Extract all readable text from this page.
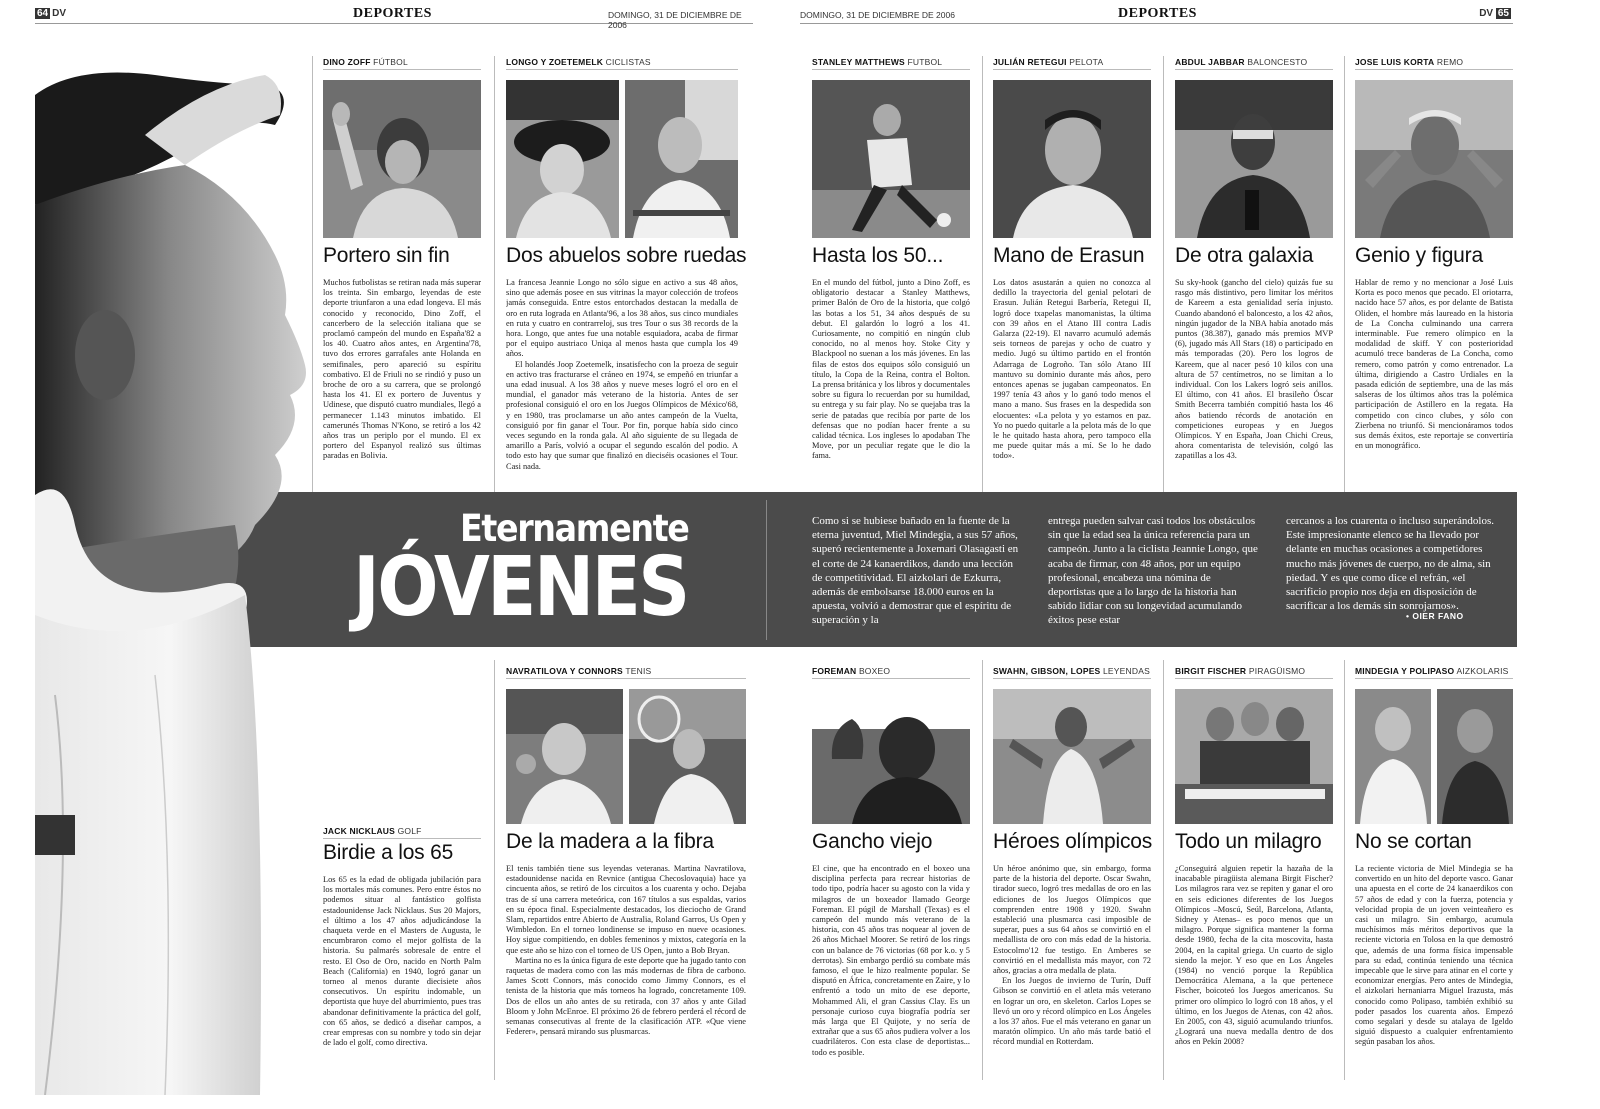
64 DV	DEPORTES	DOMINGO, 31 DE DICIEMBRE DE 2006
DOMINGO, 31 DE DICIEMBRE DE 2006	DEPORTES	DV 65
Eternamente
JÓVENES
Como si se hubiese bañado en la fuente de la eterna juventud, Miel Mindegia, a sus 57 años, superó recientemente a Joxemari Olasagasti en el corte de 24 kanaerdikos, dando una lección de competitividad. El aizkolari de Ezkurra, además de embolsarse 18.000 euros en la apuesta, volvió a demostrar que el espíritu de superación y la
entrega pueden salvar casi todos los obstáculos sin que la edad sea la única referencia para un campeón. Junto a la ciclista Jeannie Longo, que acaba de firmar, con 48 años, por un equipo profesional, encabeza una nómina de deportistas que a lo largo de la historia han sabido lidiar con su longevidad acumulando éxitos pese estar
cercanos a los cuarenta o incluso superándolos. Este impresionante elenco se ha llevado por delante en muchas ocasiones a competidores mucho más jóvenes de cuerpo, no de alma, sin piedad. Y es que como dice el refrán, «el sacrificio propio nos deja en disposición de sacrificar a los demás sin sonrojarnos».
• OIER FANO
DINO ZOFF FÚTBOL
Portero sin fin

Muchos futbolistas se retiran nada más superar los treinta. Sin embargo, leyendas de este deporte triunfaron a una edad longeva. El más conocido y reconocido, Dino Zoff, el cancerbero de la selección italiana que se proclamó campeón del mundo en España'82 a los 40. Cuatro años antes, en Argentina'78, tuvo dos errores garrafales ante Holanda en semifinales, pero apareció su espíritu combativo. El de Friuli no se rindió y puso un broche de oro a su carrera, que se prolongó hasta los 41. El ex portero de Juventus y Udinese, que disputó cuatro mundiales, llegó a permanecer 1.143 minutos imbatido. El camerunés Thomas N'Kono, se retiró a los 42 años tras un periplo por el mundo. El ex portero del Espanyol realizó sus últimas paradas en Bolivia.

LONGO Y ZOETEMELK CICLISTAS
Dos abuelos sobre ruedas

La francesa Jeannie Longo no sólo sigue en activo a sus 48 años, sino que además posee en sus vitrinas la mayor colección de trofeos jamás conseguida. Entre estos entorchados destacan la medalla de oro en ruta lograda en Atlanta'96, a los 38 años, sus cinco mundiales en ruta y cuatro en contrarreloj, sus tres Tour o sus 38 records de la hora. Longo, que antes fue una notable esquiadora, acaba de firmar por el equipo austriaco Uniqa al menos hasta que cumpla los 49 años.

El holandés Joop Zoetemelk, insatisfecho con la proeza de seguir en activo tras fracturarse el cráneo en 1974, se empeñó en triunfar a una edad inusual. A los 38 años y nueve meses logró el oro en el mundial, el ganador más veterano de la historia. Antes de ser profesional consiguió el oro en los Juegos Olímpicos de México'68, y en 1980, tras proclamarse un año antes campeón de la Vuelta, consiguió por fin ganar el Tour. Por fin, porque había sido cinco veces segundo en la ronda gala. Al año siguiente de su llegada de amarillo a París, volvió a ocupar el segundo escalón del podio. A todo esto hay que sumar que finalizó en dieciséis ocasiones el Tour. Casi nada.

STANLEY MATTHEWS FUTBOL
Hasta los 50...

En el mundo del fútbol, junto a Dino Zoff, es obligatorio destacar a Stanley Matthews, primer Balón de Oro de la historia, que colgó las botas a los 51, 34 años después de su debut. El galardón lo logró a los 41. Curiosamente, no compitió en ningún club conocido, no al menos hoy. Stoke City y Blackpool no suenan a los más jóvenes. En las filas de estos dos equipos sólo consiguió un título, la Copa de la Reina, contra el Bolton. La prensa británica y los libros y documentales sobre su figura lo recuerdan por su humildad, su entrega y su fair play. No se quejaba tras la serie de patadas que recibía por parte de los defensas que no podían hacer frente a su calidad técnica. Los ingleses lo apodaban The Move, por un peculiar regate que le dio la fama.

JULIÁN RETEGUI PELOTA
Mano de Erasun

Los datos asustarán a quien no conozca al dedillo la trayectoria del genial pelotari de Erasun. Julián Retegui Barbería, Retegui II, logró doce txapelas manomanistas, la última con 39 años en el Atano III contra Ladis Galarza (22-19). El navarro acumuló además seis torneos de parejas y ocho de cuatro y medio. Jugó su último partido en el frontón Adarraga de Logroño. Tan sólo Atano III mantuvo su dominio durante más años, pero entonces apenas se jugaban campeonatos. En 1997 tenía 43 años y lo ganó todo menos el mano a mano. Sus frases en la despedida son elocuentes: «La pelota y yo estamos en paz. Yo no puedo quitarle a la pelota más de lo que le he quitado hasta ahora, pero tampoco ella me puede quitar más a mí. Se lo he dado todo».

ABDUL JABBAR BALONCESTO
De otra galaxia

Su sky-hook (gancho del cielo) quizás fue su rasgo más distintivo, pero limitar los méritos de Kareem a esta genialidad sería injusto. Cuando abandonó el baloncesto, a los 42 años, ningún jugador de la NBA había anotado más puntos (38.387), ganado más premios MVP (6), jugado más All Stars (18) o participado en más temporadas (20). Pero los logros de Kareem, que al nacer pesó 10 kilos con una altura de 57 centímetros, no se limitan a lo individual. Con los Lakers logró seis anillos. El último, con 41 años. El brasileño Óscar Smith Becerra también compitió hasta los 46 años batiendo récords de anotación en competiciones europeas y en Juegos Olímpicos. Y en España, Joan Chichi Creus, ahora comentarista de televisión, colgó las zapatillas a los 43.

JOSE LUIS KORTA REMO
Genio y figura

Hablar de remo y no mencionar a José Luis Korta es poco menos que pecado. El oriotarra, nacido hace 57 años, es por delante de Batista Oliden, el hombre más laureado en la historia de La Concha culminando una carrera interminable. Fue remero olímpico en la modalidad de skiff. Y con posterioridad acumuló trece banderas de La Concha, como remero, como patrón y como entrenador. La última, dirigiendo a Castro Urdiales en la pasada edición de septiembre, una de las más salseras de los últimos años tras la polémica participación de Astillero en la regata. Ha competido con cinco clubes, y sólo con Zierbena no triunfó. Si mencionáramos todos sus demás éxitos, este reportaje se convertiría en un monográfico.

JACK NICKLAUS GOLF
Birdie a los 65

Los 65 es la edad de obligada jubilación para los mortales más comunes. Pero entre éstos no podemos situar al fantástico golfista estadounidense Jack Nicklaus. Sus 20 Majors, el último a los 47 años adjudicándose la chaqueta verde en el Masters de Augusta, le encumbraron como el mejor golfista de la historia. Su palmarés sobresale de entre el resto. El Oso de Oro, nacido en North Palm Beach (California) en 1940, logró ganar un torneo al menos durante diecisiete años consecutivos. Un espíritu indomable, un deportista que huye del aburrimiento, pues tras abandonar definitivamente la práctica del golf, con 65 años, se dedicó a diseñar campos, a crear empresas con su nombre y todo sin dejar de lado el golf, como directiva.

NAVRATILOVA Y CONNORS TENIS
De la madera a la fibra

El tenis también tiene sus leyendas veteranas. Martina Navratilova, estadounidense nacida en Revnice (antigua Checoslovaquia) hace ya cincuenta años, se retiró de los circuitos a los cuarenta y ocho. Dejaba tras de sí una carrera meteórica, con 167 títulos a sus espaldas, varios en su época final. Especialmente destacados, los dieciocho de Grand Slam, repartidos entre Abierto de Australia, Roland Garros, Us Open y Wimbledon. En el torneo londinense se impuso en nueve ocasiones. Hoy sigue compitiendo, en dobles femeninos y mixtos, categoría en la que este año se hizo con el torneo de US Open, junto a Bob Bryan.

Martina no es la única figura de este deporte que ha jugado tanto con raquetas de madera como con las más modernas de fibra de carbono. James Scott Connors, más conocido como Jimmy Connors, es el tenista de la historia que más torneos ha logrado, concretamente 109. Dos de ellos un año antes de su retirada, con 37 años y ante Gilad Bloom y John McEnroe. El próximo 26 de febrero perderá el récord de semanas consecutivas al frente de la clasificación ATP. «Que viene Federer», pensará mirando sus plusmarcas.

FOREMAN BOXEO
Gancho viejo

El cine, que ha encontrado en el boxeo una disciplina perfecta para recrear historias de todo tipo, podría hacer su agosto con la vida y milagros de un boxeador llamado George Foreman. El púgil de Marshall (Texas) es el campeón del mundo más veterano de la historia, con 45 años tras noquear al joven de 26 años Michael Moorer. Se retiró de los rings con un balance de 76 victorias (68 por k.o. y 5 derrotas). Sin embargo perdió su combate más famoso, el que le hizo realmente popular. Se disputó en África, concretamente en Zaire, y lo enfrentó a todo un mito de ese deporte, Mohammed Ali, el gran Cassius Clay. Es un personaje curioso cuya biografía podría ser más larga que El Quijote, y no sería de extrañar que a sus 65 años pudiera volver a los cuadriláteros. Con esta clase de deportistas... todo es posible.

SWAHN, GIBSON, LOPES LEYENDAS
Héroes olímpicos

Un héroe anónimo que, sin embargo, forma parte de la historia del deporte. Oscar Swahn, tirador sueco, logró tres medallas de oro en las ediciones de los Juegos Olímpicos que comprenden entre 1908 y 1920. Swahn estableció una plusmarca casi imposible de superar, pues a sus 64 años se convirtió en el medallista de oro con más edad de la historia. Estocolmo'12 fue testigo. En Amberes se convirtió en el medallista más mayor, con 72 años, gracias a otra medalla de plata.

En los Juegos de invierno de Turín, Duff Gibson se convirtió en el atleta más veterano en lograr un oro, en skeleton. Carlos Lopes se llevó un oro y récord olímpico en Los Ángeles a los 37 años. Fue el más veterano en ganar un maratón olímpico. Un año más tarde batió el récord mundial en Rotterdam.

BIRGIT FISCHER PIRAGÜISMO
Todo un milagro

¿Conseguirá alguien repetir la hazaña de la inacabable piragüista alemana Birgit Fischer? Los milagros rara vez se repiten y ganar el oro en seis ediciones diferentes de los Juegos Olímpicos –Moscú, Seúl, Barcelona, Atlanta, Sidney y Atenas– es poco menos que un milagro. Porque significa mantener la forma desde 1980, fecha de la cita moscovita, hasta 2004, en la capital griega. Un cuarto de siglo siendo la mejor. Y eso que en Los Ángeles (1984) no venció porque la República Democrática Alemana, a la que pertenece Fischer, boicoteó los Juegos americanos. Su primer oro olímpico lo logró con 18 años, y el último, en los Juegos de Atenas, con 42 años. En 2005, con 43, siguió acumulando triunfos. ¿Logrará una nueva medalla dentro de dos años en Pekín 2008?

MINDEGIA Y POLIPASO AIZKOLARIS
No se cortan

La reciente victoria de Miel Mindegia se ha convertido en un hito del deporte vasco. Ganar una apuesta en el corte de 24 kanaerdikos con 57 años de edad y con la fuerza, potencia y velocidad propia de un joven veinteañero es casi un milagro. Sin embargo, acumula muchísimos más méritos deportivos que la reciente victoria en Tolosa en la que demostró que, además de una forma física impensable para su edad, continúa teniendo una técnica impecable que le sirve para atinar en el corte y economizar energías. Pero antes de Mindegia, el aizkolari hernaniarra Miguel Irazusta, más conocido como Polipaso, también exhibió su poder pasados los cuarenta años. Empezó como segalari y desde su atalaya de Igeldo siguió dispuesto a cualquier enfrentamiento según pasaban los años.
